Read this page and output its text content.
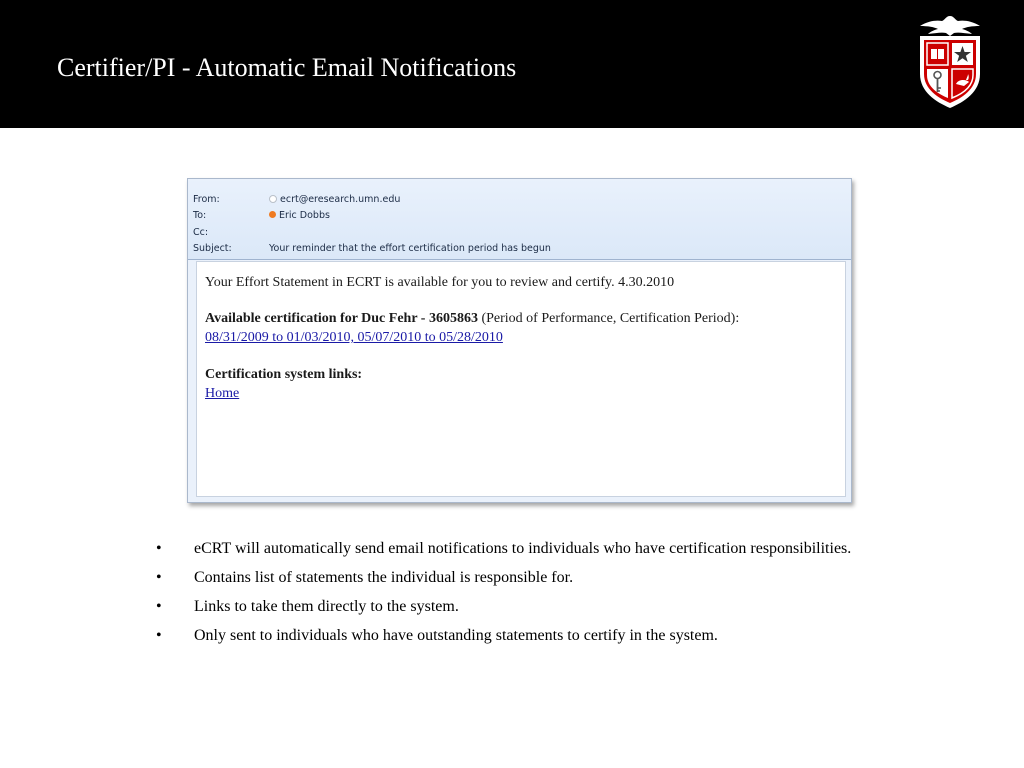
Certifier/PI - Automatic Email Notifications
From:	ecrt@eresearch.umn.edu
To:	Eric Dobbs
Cc:
Subject:	Your reminder that the effort certification period has begun
Your Effort Statement in ECRT is available for you to review and certify. 4.30.2010
Available certification for Duc Fehr - 3605863 (Period of Performance, Certification Period):
08/31/2009 to 01/03/2010, 05/07/2010 to 05/28/2010
Certification system links:
Home
• eCRT will automatically send email notifications to individuals who have certification responsibilities.
• Contains list of statements the individual is responsible for.
• Links to take them directly to the system.
• Only sent to individuals who have outstanding statements to certify in the system.
